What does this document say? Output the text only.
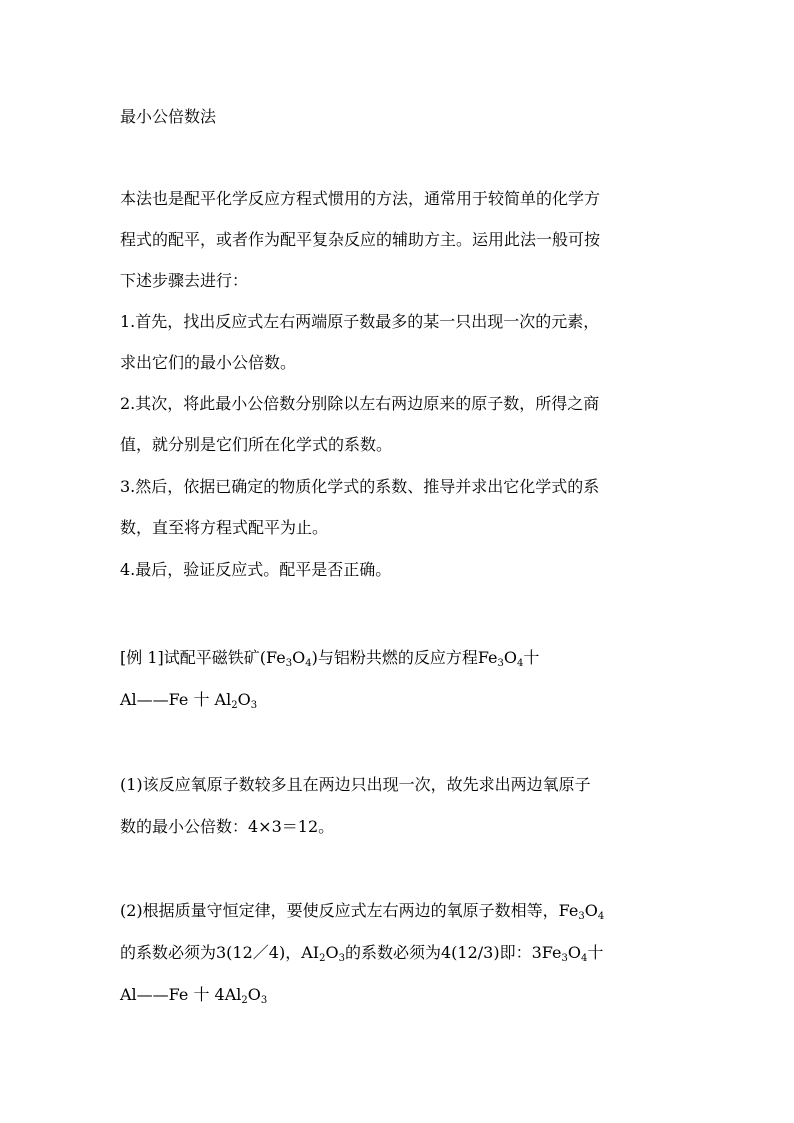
最小公倍数法
本法也是配平化学反应方程式惯用的方法，通常用于较简单的化学方
程式的配平，或者作为配平复杂反应的辅助方主。运用此法一般可按
下述步骤去进行：
1.首先，找出反应式左右两端原子数最多的某一只出现一次的元素，
求出它们的最小公倍数。
2.其次，将此最小公倍数分别除以左右两边原来的原子数，所得之商
值，就分别是它们所在化学式的系数。
3.然后，依据已确定的物质化学式的系数、推导并求出它化学式的系
数，直至将方程式配平为止。
4.最后，验证反应式。配平是否正确。
[例 1]试配平磁铁矿$(Fe_3O_4)$与铝粉共燃的反应方程$Fe_3O_4$十
Al——Fe 十 $Al_2O_3$
(1)该反应氧原子数较多且在两边只出现一次，故先求出两边氧原子
数的最小公倍数：4×3＝12。
(2)根据质量守恒定律，要使反应式左右两边的氧原子数相等，$Fe_3O_4$
的系数必须为3(12／4)，$AI_2O_3$的系数必须为4(12/3)即：$3Fe_3O_4$十
Al——Fe 十 $4Al_2O_3$
